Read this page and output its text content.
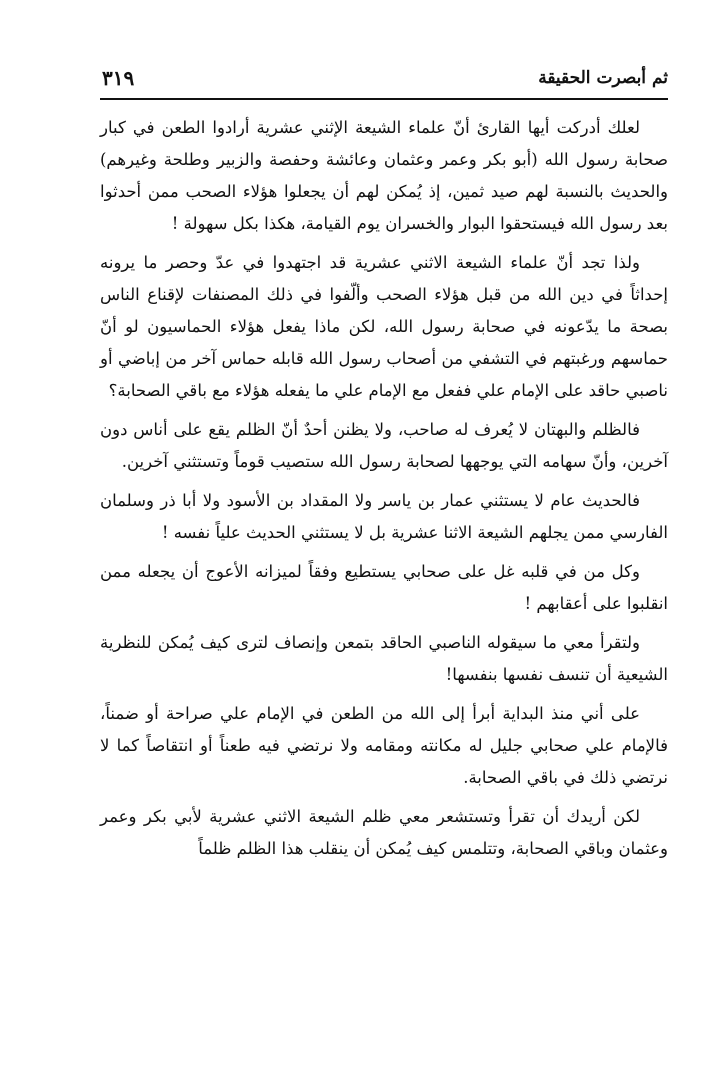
ثم أبصرت الحقيقة
٣١٩

لعلك أدركت أيها القارئ أنّ علماء الشيعة الإثني عشرية أرادوا الطعن في كبار صحابة رسول الله (أبو بكر وعمر وعثمان وعائشة وحفصة والزبير وطلحة وغيرهم) والحديث بالنسبة لهم صيد ثمين، إذ يُمكن لهم أن يجعلوا هؤلاء الصحب ممن أحدثوا بعد رسول الله فيستحقوا البوار والخسران يوم القيامة، هكذا بكل سهولة !

ولذا تجد أنّ علماء الشيعة الاثني عشرية قد اجتهدوا في عدّ وحصر ما يرونه إحداثاً في دين الله من قبل هؤلاء الصحب وألّفوا في ذلك المصنفات لإقناع الناس بصحة ما يدّعونه في صحابة رسول الله، لكن ماذا يفعل هؤلاء الحماسيون لو أنّ حماسهم ورغبتهم في التشفي من أصحاب رسول الله قابله حماس آخر من إباضي أو ناصبي حاقد على الإمام علي ففعل مع الإمام علي ما يفعله هؤلاء مع باقي الصحابة؟

فالظلم والبهتان لا يُعرف له صاحب، ولا يظنن أحدٌ أنّ الظلم يقع على أناس دون آخرين، وأنّ سهامه التي يوجهها لصحابة رسول الله ستصيب قوماً وتستثني آخرين.

فالحديث عام لا يستثني عمار بن ياسر ولا المقداد بن الأسود ولا أبا ذر وسلمان الفارسي ممن يجلهم الشيعة الاثنا عشرية بل لا يستثني الحديث علياً نفسه !

وكل من في قلبه غل على صحابي يستطيع وفقاً لميزانه الأعوج أن يجعله ممن انقلبوا على أعقابهم !

ولتقرأ معي ما سيقوله الناصبي الحاقد بتمعن وإنصاف لترى كيف يُمكن للنظرية الشيعية أن تنسف نفسها بنفسها!

على أني منذ البداية أبرأ إلى الله من الطعن في الإمام علي صراحة أو ضمناً، فالإمام علي صحابي جليل له مكانته ومقامه ولا نرتضي فيه طعناً أو انتقاصاً كما لا نرتضي ذلك في باقي الصحابة.

لكن أريدك أن تقرأ وتستشعر معي ظلم الشيعة الاثني عشرية لأبي بكر وعمر وعثمان وباقي الصحابة، وتتلمس كيف يُمكن أن ينقلب هذا الظلم ظلماً
